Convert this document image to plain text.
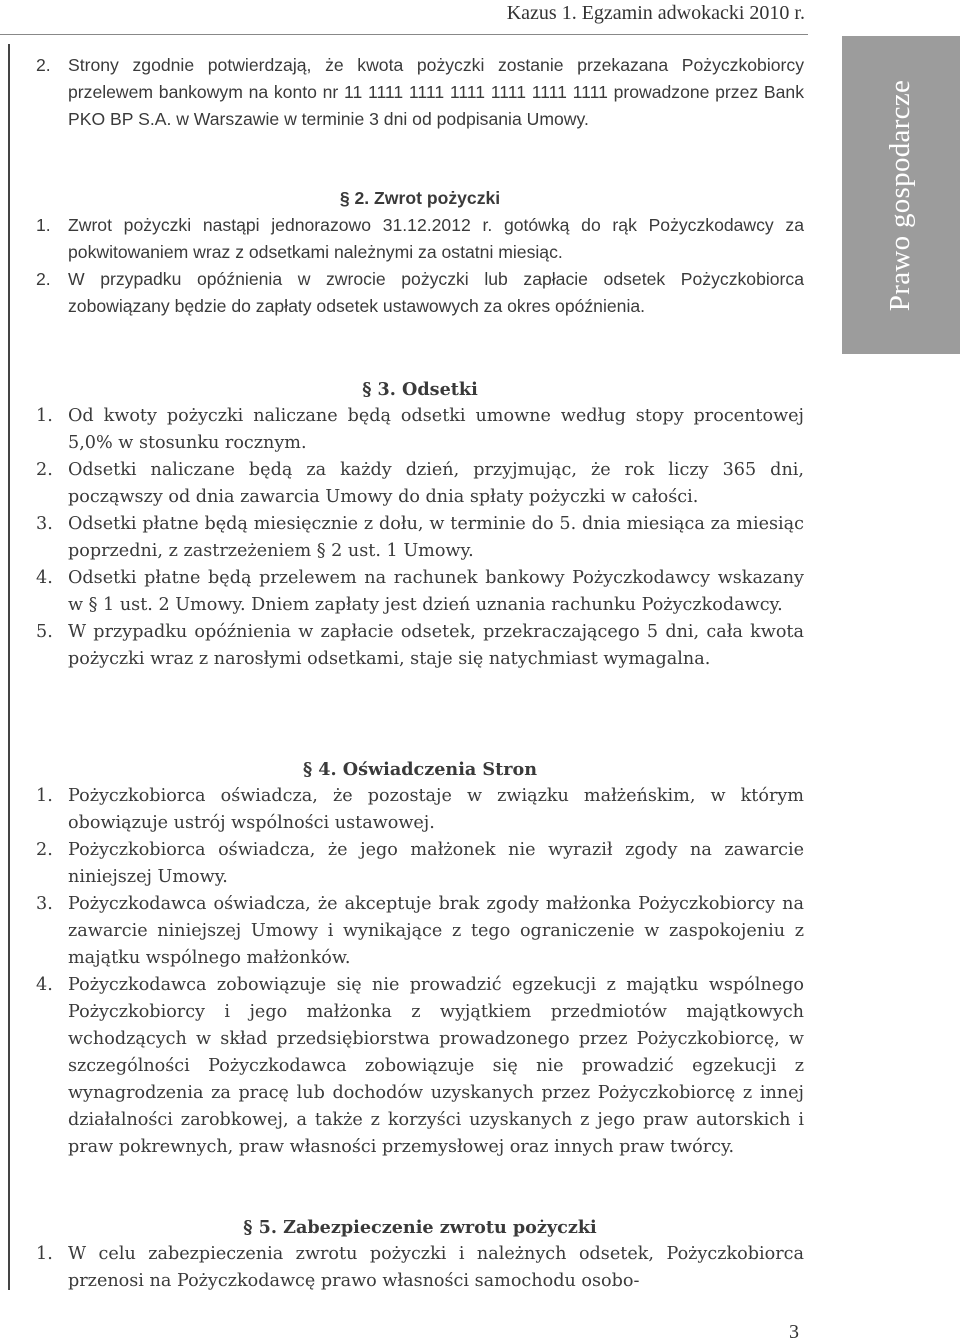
Kazus 1. Egzamin adwokacki 2010 r.
Prawo gospodarcze
2. Strony zgodnie potwierdzają, że kwota pożyczki zostanie przekazana Pożyczkobiorcy przelewem bankowym na konto nr 11 1111 1111 1111 1111 1111 1111 prowadzone przez Bank PKO BP S.A. w Warszawie w terminie 3 dni od podpisania Umowy.
§ 2. Zwrot pożyczki
1. Zwrot pożyczki nastąpi jednorazowo 31.12.2012 r. gotówką do rąk Pożyczkodawcy za pokwitowaniem wraz z odsetkami należnymi za ostatni miesiąc.
2. W przypadku opóźnienia w zwrocie pożyczki lub zapłacie odsetek Pożyczkobiorca zobowiązany będzie do zapłaty odsetek ustawowych za okres opóźnienia.
§ 3. Odsetki
1. Od kwoty pożyczki naliczane będą odsetki umowne według stopy procentowej 5,0% w stosunku rocznym.
2. Odsetki naliczane będą za każdy dzień, przyjmując, że rok liczy 365 dni, począwszy od dnia zawarcia Umowy do dnia spłaty pożyczki w całości.
3. Odsetki płatne będą miesięcznie z dołu, w terminie do 5. dnia miesiąca za miesiąc poprzedni, z zastrzeżeniem § 2 ust. 1 Umowy.
4. Odsetki płatne będą przelewem na rachunek bankowy Pożyczkodawcy wskazany w § 1 ust. 2 Umowy. Dniem zapłaty jest dzień uznania rachunku Pożyczkodawcy.
5. W przypadku opóźnienia w zapłacie odsetek, przekraczającego 5 dni, cała kwota pożyczki wraz z narosłymi odsetkami, staje się natychmiast wymagalna.
§ 4. Oświadczenia Stron
1. Pożyczkobiorca oświadcza, że pozostaje w związku małżeńskim, w którym obowiązuje ustrój wspólności ustawowej.
2. Pożyczkobiorca oświadcza, że jego małżonek nie wyraził zgody na zawarcie niniejszej Umowy.
3. Pożyczkodawca oświadcza, że akceptuje brak zgody małżonka Pożyczkobiorcy na zawarcie niniejszej Umowy i wynikające z tego ograniczenie w zaspokojeniu z majątku wspólnego małżonków.
4. Pożyczkodawca zobowiązuje się nie prowadzić egzekucji z majątku wspólnego Pożyczkobiorcy i jego małżonka z wyjątkiem przedmiotów majątkowych wchodzących w skład przedsiębiorstwa prowadzonego przez Pożyczkobiorcę, w szczególności Pożyczkodawca zobowiązuje się nie prowadzić egzekucji z wynagrodzenia za pracę lub dochodów uzyskanych przez Pożyczkobiorcę z innej działalności zarobkowej, a także z korzyści uzyskanych z jego praw autorskich i praw pokrewnych, praw własności przemysłowej oraz innych praw twórcy.
§ 5. Zabezpieczenie zwrotu pożyczki
1. W celu zabezpieczenia zwrotu pożyczki i należnych odsetek, Pożyczkobiorca przenosi na Pożyczkodawcę prawo własności samochodu osobo-
3
